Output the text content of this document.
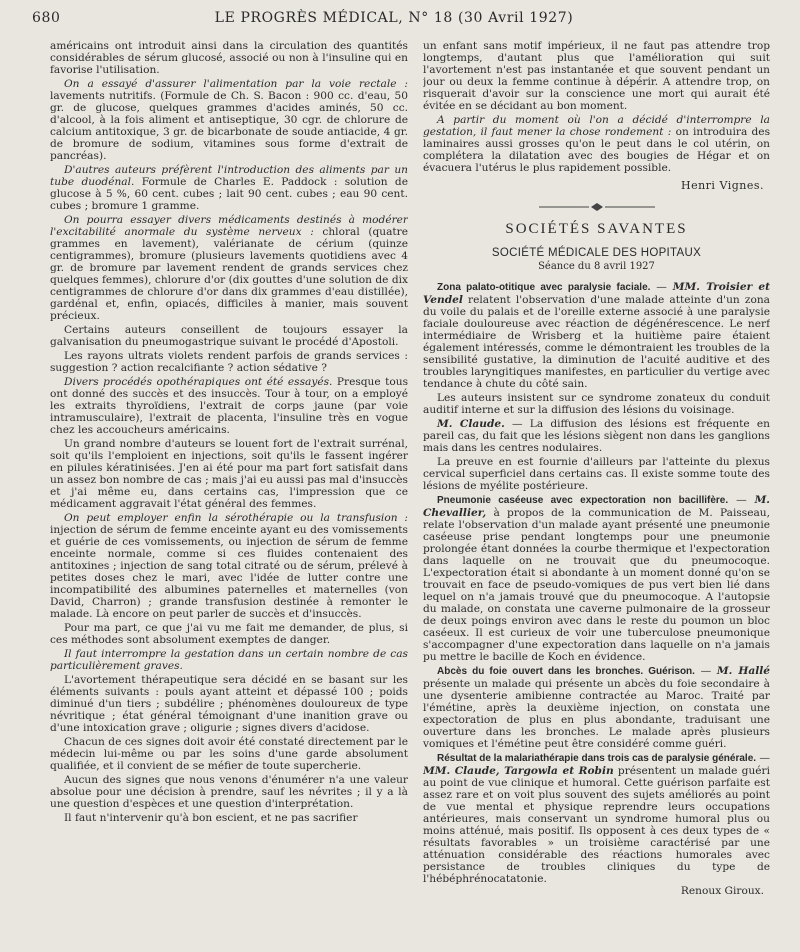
680	LE PROGRÈS MÉDICAL, N° 18 (30 Avril 1927)

américains ont introduit ainsi dans la circulation des quantités considérables de sérum glucosé, associé ou non à l'insuline qui en favorise l'utilisation.

On a essayé d'assurer l'alimentation par la voie rectale : lavements nutritifs. (Formule de Ch. S. Bacon : 900 cc. d'eau, 50 gr. de glucose, quelques grammes d'acides aminés, 50 cc. d'alcool, à la fois aliment et antiseptique, 30 cgr. de chlorure de calcium antitoxique, 3 gr. de bicarbonate de soude antiacide, 4 gr. de bromure de sodium, vitamines sous forme d'extrait de pancréas).

D'autres auteurs préfèrent l'introduction des aliments par un tube duodénal. Formule de Charles E. Paddock : solution de glucose à 5 %, 60 cent. cubes ; lait 90 cent. cubes ; eau 90 cent. cubes ; bromure 1 gramme.

On pourra essayer divers médicaments destinés à modérer l'excitabilité anormale du système nerveux : chloral (quatre grammes en lavement), valérianate de cérium (quinze centigrammes), bromure (plusieurs lavements quotidiens avec 4 gr. de bromure par lavement rendent de grands services chez quelques femmes), chlorure d'or (dix gouttes d'une solution de dix centigrammes de chlorure d'or dans dix grammes d'eau distillée), gardénal et, enfin, opiacés, difficiles à manier, mais souvent précieux.

Certains auteurs conseillent de toujours essayer la galvanisation du pneumogastrique suivant le procédé d'Apostoli.

Les rayons ultrats violets rendent parfois de grands services : suggestion ? action recalcifiante ? action sédative ?

Divers procédés opothérapiques ont été essayés. Presque tous ont donné des succès et des insuccès. Tour à tour, on a employé les extraits thyroïdiens, l'extrait de corps jaune (par voie intramusculaire), l'extrait de placenta, l'insuline très en vogue chez les accoucheurs américains.

Un grand nombre d'auteurs se louent fort de l'extrait surrénal, soit qu'ils l'emploient en injections, soit qu'ils le fassent ingérer en pilules kératinisées. J'en ai été pour ma part fort satisfait dans un assez bon nombre de cas ; mais j'ai eu aussi pas mal d'insuccès et j'ai même eu, dans certains cas, l'impression que ce médicament aggravait l'état général des femmes.

On peut employer enfin la sérothérapie ou la transfusion : injection de sérum de femme enceinte ayant eu des vomissements et guérie de ces vomissements, ou injection de sérum de femme enceinte normale, comme si ces fluides contenaient des antitoxines ; injection de sang total citraté ou de sérum, prélevé à petites doses chez le mari, avec l'idée de lutter contre une incompatibilité des albumines paternelles et maternelles (von David, Charron) ; grande transfusion destinée à remonter le malade. Là encore on peut parler de succès et d'insuccès.

Pour ma part, ce que j'ai vu me fait me demander, de plus, si ces méthodes sont absolument exemptes de danger.

Il faut interrompre la gestation dans un certain nombre de cas particulièrement graves.

L'avortement thérapeutique sera décidé en se basant sur les éléments suivants : pouls ayant atteint et dépassé 100 ; poids diminué d'un tiers ; subdélire ; phénomènes douloureux de type névritique ; état général témoignant d'une inanition grave ou d'une intoxication grave ; oligurie ; signes divers d'acidose.

Chacun de ces signes doit avoir été constaté directement par le médecin lui-même ou par les soins d'une garde absolument qualifiée, et il convient de se méfier de toute supercherie.

Aucun des signes que nous venons d'énumérer n'a une valeur absolue pour une décision à prendre, sauf les névrites ; il y a là une question d'espèces et une question d'interprétation.

Il faut n'intervenir qu'à bon escient, et ne pas sacrifier

un enfant sans motif impérieux, il ne faut pas attendre trop longtemps, d'autant plus que l'amélioration qui suit l'avortement n'est pas instantanée et que souvent pendant un jour ou deux la femme continue à dépérir. A attendre trop, on risquerait d'avoir sur la conscience une mort qui aurait été évitée en se décidant au bon moment.

A partir du moment où l'on a décidé d'interrompre la gestation, il faut mener la chose rondement : on introduira des laminaires aussi grosses qu'on le peut dans le col utérin, on complétera la dilatation avec des bougies de Hégar et on évacuera l'utérus le plus rapidement possible.

Henri Vignes.
SOCIÉTÉS SAVANTES
SOCIÉTÉ MÉDICALE DES HOPITAUX
Séance du 8 avril 1927

Zona palato-otitique avec paralysie faciale. — MM. Troisier et Vendel relatent l'observation d'une malade atteinte d'un zona du voile du palais et de l'oreille externe associé à une paralysie faciale douloureuse avec réaction de dégénérescence. Le nerf intermédiaire de Wrisberg et la huitième paire étaient également intéressés, comme le démontraient les troubles de la sensibilité gustative, la diminution de l'acuité auditive et des troubles laryngitiques manifestes, en particulier du vertige avec tendance à chute du côté sain.

Les auteurs insistent sur ce syndrome zonateux du conduit auditif interne et sur la diffusion des lésions du voisinage.

M. Claude. — La diffusion des lésions est fréquente en pareil cas, du fait que les lésions siègent non dans les ganglions mais dans les centres nodulaires.

La preuve en est fournie d'ailleurs par l'atteinte du plexus cervical superficiel dans certains cas. Il existe somme toute des lésions de myélite postérieure.

Pneumonie caséeuse avec expectoration non bacillifère. — M. Chevallier, à propos de la communication de M. Paisseau, relate l'observation d'un malade ayant présenté une pneumonie caséeuse prise pendant longtemps pour une pneumonie prolongée étant données la courbe thermique et l'expectoration dans laquelle on ne trouvait que du pneumocoque. L'expectoration était si abondante à un moment donné qu'on se trouvait en face de pseudo-vomiques de pus vert bien lié dans lequel on n'a jamais trouvé que du pneumocoque. A l'autopsie du malade, on constata une caverne pulmonaire de la grosseur de deux poings environ avec dans le reste du poumon un bloc caséeux. Il est curieux de voir une tuberculose pneumonique s'accompagner d'une expectoration dans laquelle on n'a jamais pu mettre le bacille de Koch en évidence.

Abcès du foie ouvert dans les bronches. Guérison. — M. Hallé présente un malade qui présente un abcès du foie secondaire à une dysenterie amibienne contractée au Maroc. Traité par l'émétine, après la deuxième injection, on constata une expectoration de plus en plus abondante, traduisant une ouverture dans les bronches. Le malade après plusieurs vomiques et l'émétine peut être considéré comme guéri.

Résultat de la malariathérapie dans trois cas de paralysie générale. — MM. Claude, Targowla et Robin présentent un malade guéri au point de vue clinique et humoral. Cette guérison parfaite est assez rare et on voit plus souvent des sujets améliorés au point de vue mental et physique reprendre leurs occupations antérieures, mais conservant un syndrome humoral plus ou moins atténué, mais positif. Ils opposent à ces deux types de « résultats favorables » un troisième caractérisé par une atténuation considérable des réactions humorales avec persistance de troubles cliniques du type de l'hébéphrénocatatonie.
Renoux Giroux.
